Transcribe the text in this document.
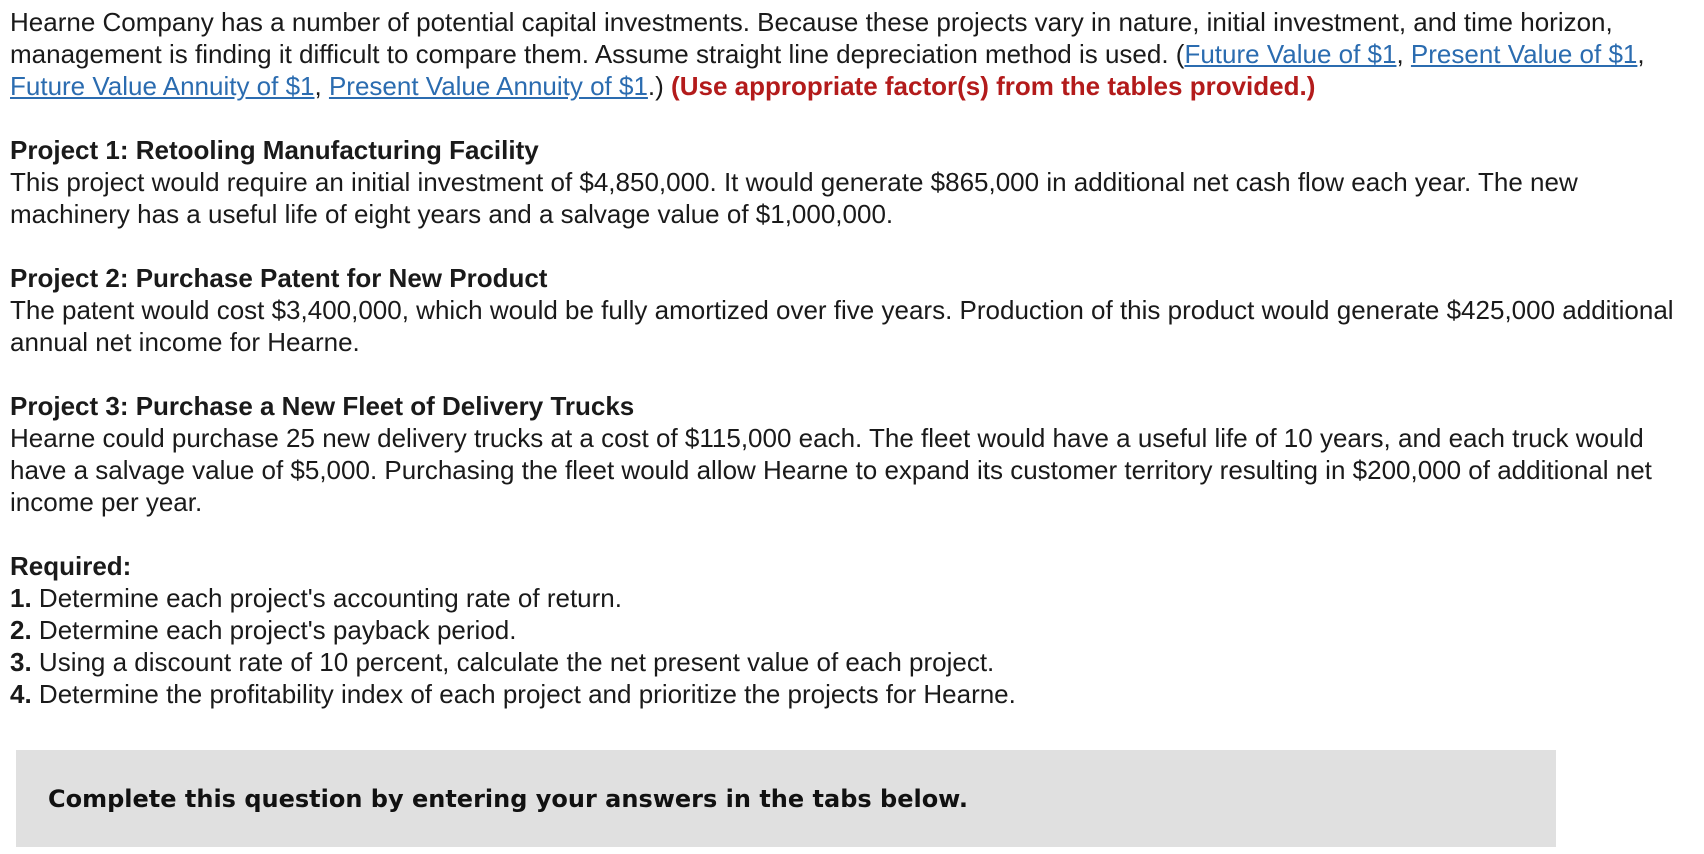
Hearne Company has a number of potential capital investments. Because these projects vary in nature, initial investment, and time horizon, management is finding it difficult to compare them. Assume straight line depreciation method is used. (Future Value of $1, Present Value of $1, Future Value Annuity of $1, Present Value Annuity of $1.) (Use appropriate factor(s) from the tables provided.)

Project 1: Retooling Manufacturing Facility

This project would require an initial investment of $4,850,000. It would generate $865,000 in additional net cash flow each year. The new machinery has a useful life of eight years and a salvage value of $1,000,000.

Project 2: Purchase Patent for New Product

The patent would cost $3,400,000, which would be fully amortized over five years. Production of this product would generate $425,000 additional annual net income for Hearne.

Project 3: Purchase a New Fleet of Delivery Trucks

Hearne could purchase 25 new delivery trucks at a cost of $115,000 each. The fleet would have a useful life of 10 years, and each truck would have a salvage value of $5,000. Purchasing the fleet would allow Hearne to expand its customer territory resulting in $200,000 of additional net income per year.

Required:

1. Determine each project's accounting rate of return.
2. Determine each project's payback period.
3. Using a discount rate of 10 percent, calculate the net present value of each project.
4. Determine the profitability index of each project and prioritize the projects for Hearne.
Complete this question by entering your answers in the tabs below.
